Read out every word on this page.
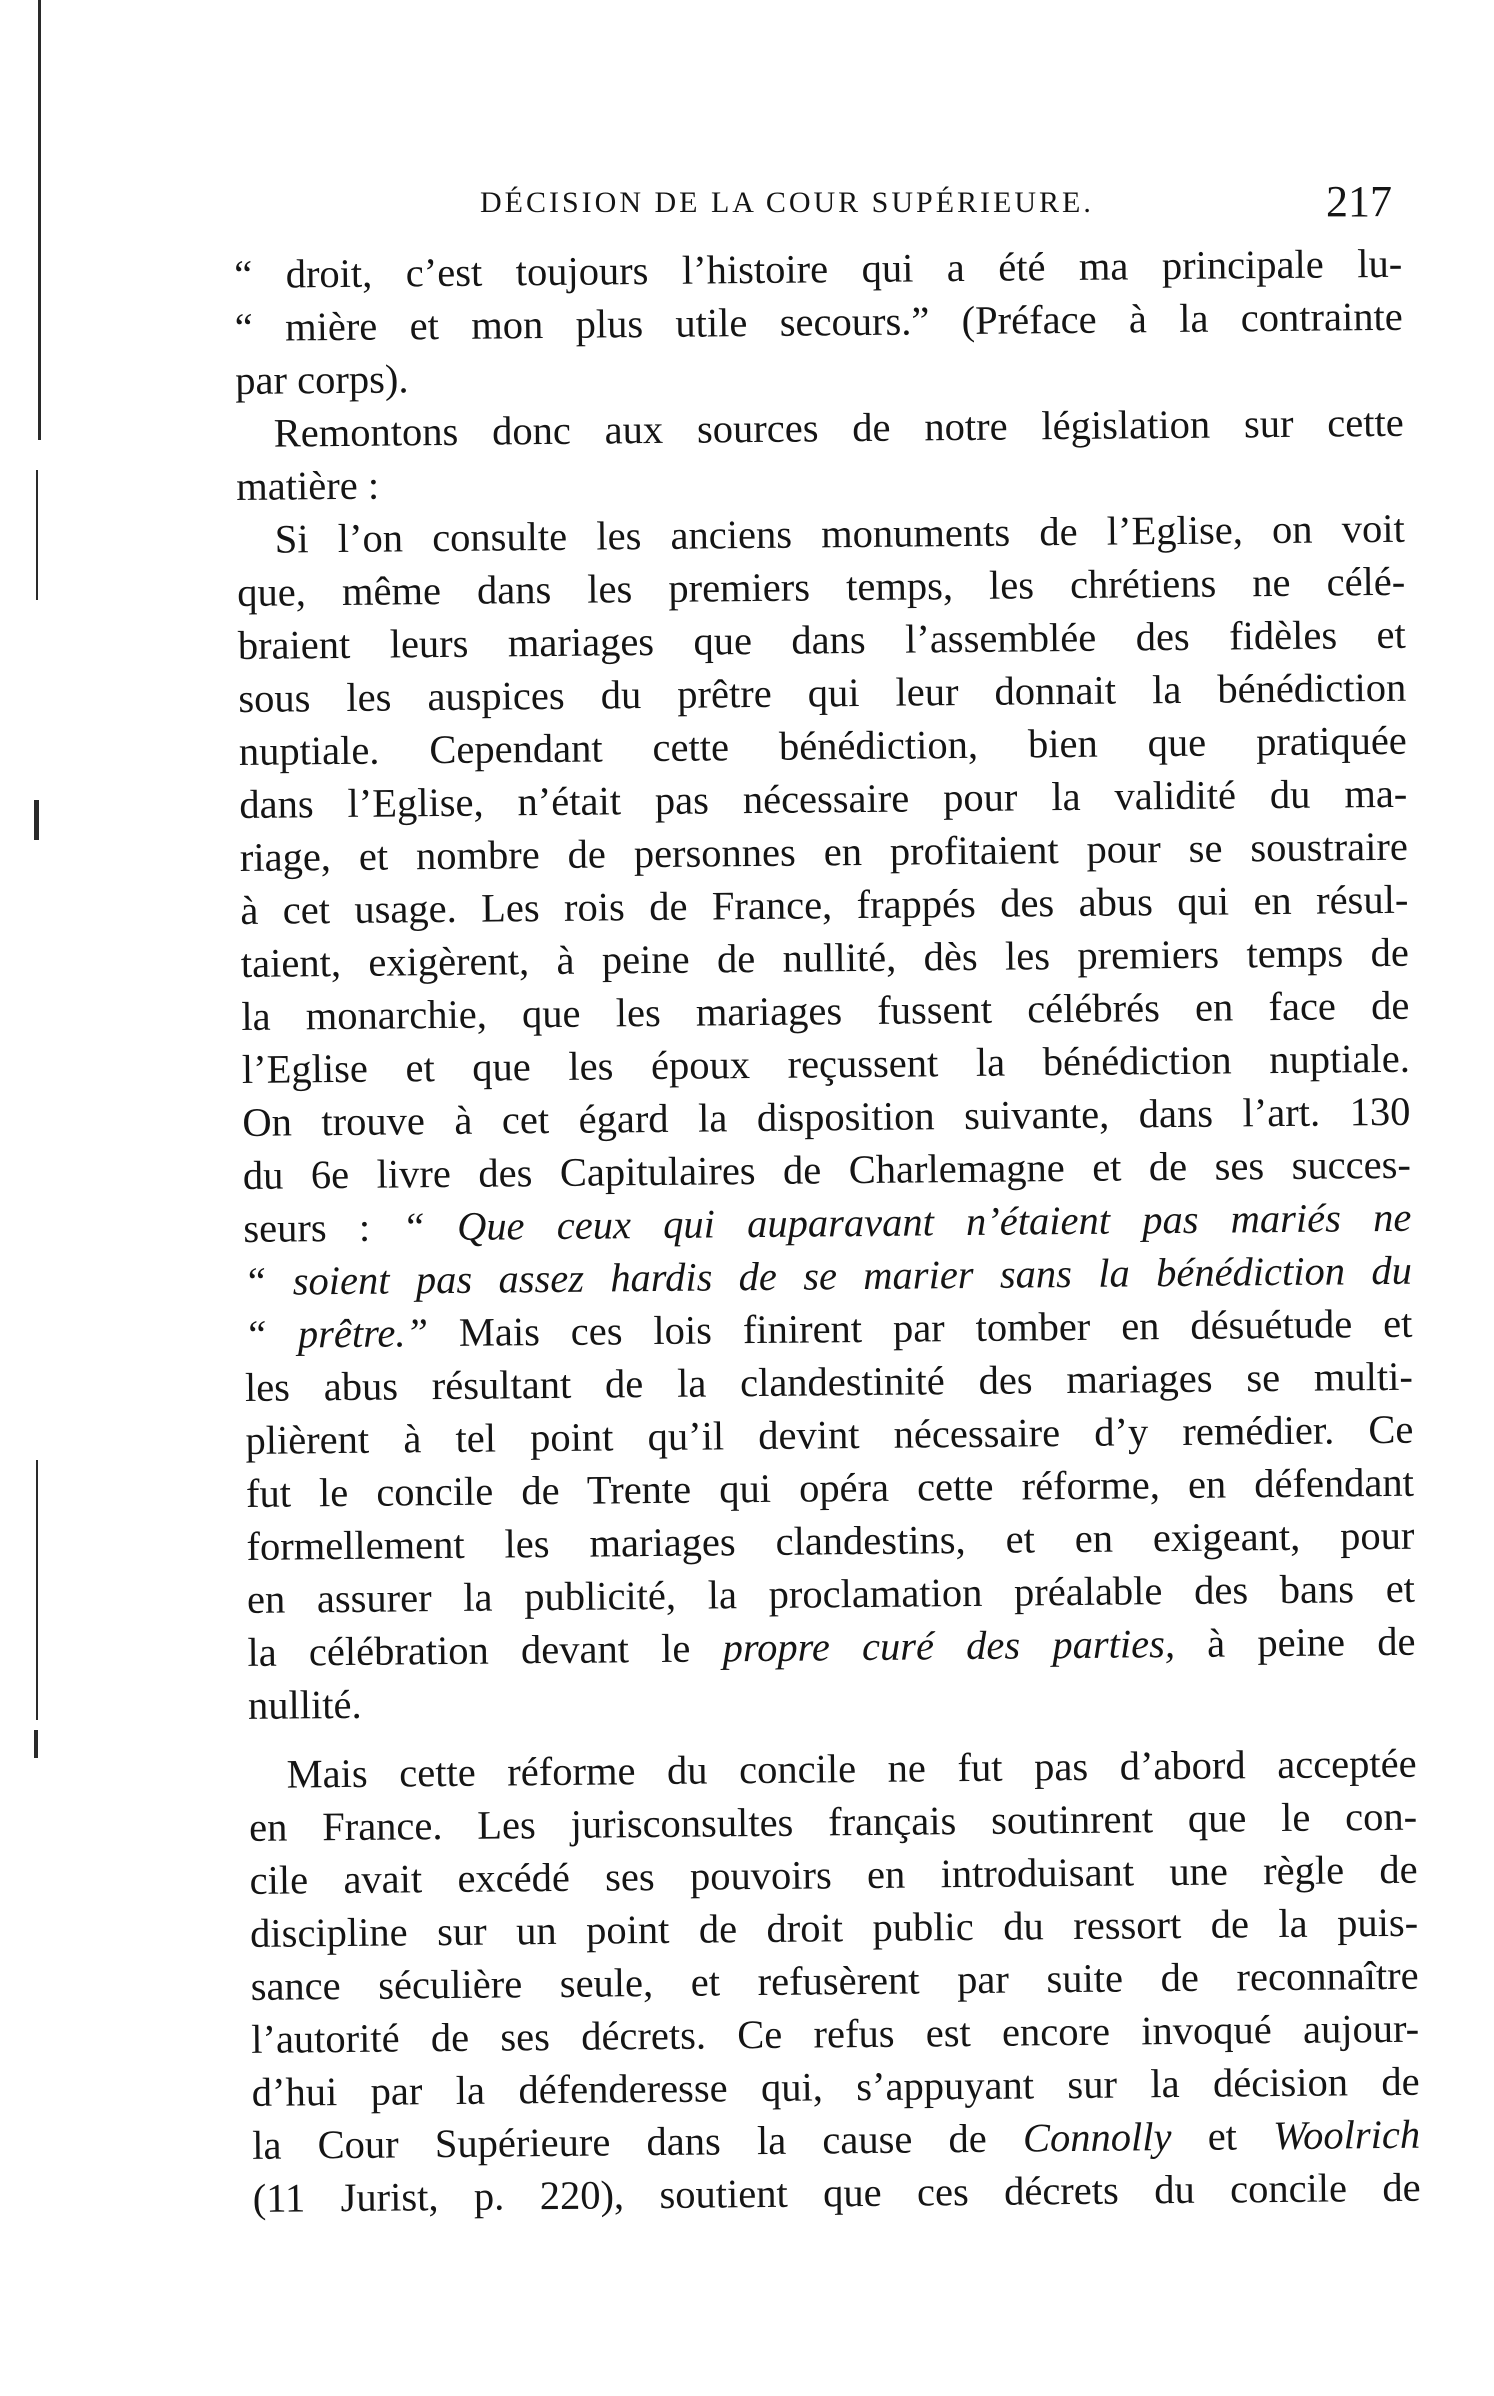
DÉCISION DE LA COUR SUPÉRIEURE.	217
“ droit, c’est toujours l’histoire qui a été ma principale lu-
“ mière et mon plus utile secours.” (Préface à la contrainte
par corps).
Remontons donc aux sources de notre législation sur cette
matière :
Si l’on consulte les anciens monuments de l’Eglise, on voit
que, même dans les premiers temps, les chrétiens ne célé-
braient leurs mariages que dans l’assemblée des fidèles et
sous les auspices du prêtre qui leur donnait la bénédiction
nuptiale. Cependant cette bénédiction, bien que pratiquée
dans l’Eglise, n’était pas nécessaire pour la validité du ma-
riage, et nombre de personnes en profitaient pour se soustraire
à cet usage. Les rois de France, frappés des abus qui en résul-
taient, exigèrent, à peine de nullité, dès les premiers temps de
la monarchie, que les mariages fussent célébrés en face de
l’Eglise et que les époux reçussent la bénédiction nuptiale.
On trouve à cet égard la disposition suivante, dans l’art. 130
du 6e livre des Capitulaires de Charlemagne et de ses succes-
seurs : “ Que ceux qui auparavant n’étaient pas mariés ne
“ soient pas assez hardis de se marier sans la bénédiction du
“ prêtre.” Mais ces lois finirent par tomber en désuétude et
les abus résultant de la clandestinité des mariages se multi-
plièrent à tel point qu’il devint nécessaire d’y remédier. Ce
fut le concile de Trente qui opéra cette réforme, en défendant
formellement les mariages clandestins, et en exigeant, pour
en assurer la publicité, la proclamation préalable des bans et
la célébration devant le propre curé des parties, à peine de
nullité.
Mais cette réforme du concile ne fut pas d’abord acceptée
en France. Les jurisconsultes français soutinrent que le con-
cile avait excédé ses pouvoirs en introduisant une règle de
discipline sur un point de droit public du ressort de la puis-
sance séculière seule, et refusèrent par suite de reconnaître
l’autorité de ses décrets. Ce refus est encore invoqué aujour-
d’hui par la défenderesse qui, s’appuyant sur la décision de
la Cour Supérieure dans la cause de Connolly et Woolrich
(11 Jurist, p. 220), soutient que ces décrets du concile de
